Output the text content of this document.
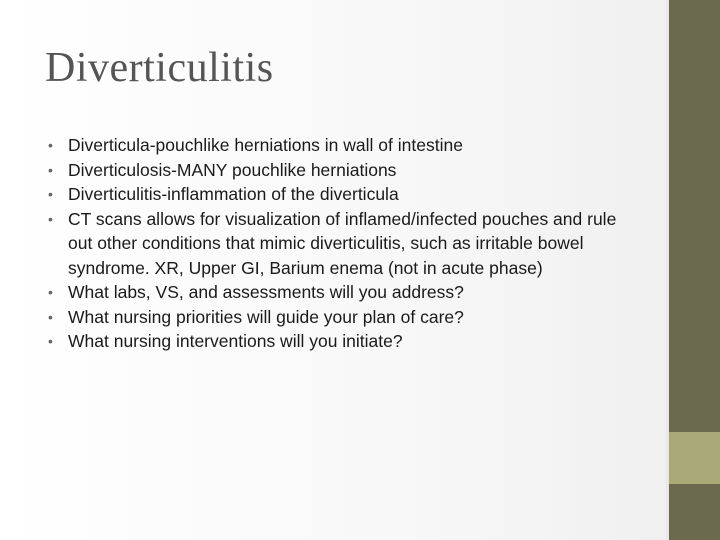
Diverticulitis
• Diverticula-pouchlike herniations in wall of intestine
• Diverticulosis-MANY pouchlike herniations
• Diverticulitis-inflammation of the diverticula
• CT scans allows for visualization of inflamed/infected pouches and rule out other conditions that mimic diverticulitis, such as irritable bowel syndrome. XR, Upper GI, Barium enema (not in acute phase)
• What labs, VS, and assessments will you address?
• What nursing priorities will guide your plan of care?
• What nursing interventions will you initiate?
